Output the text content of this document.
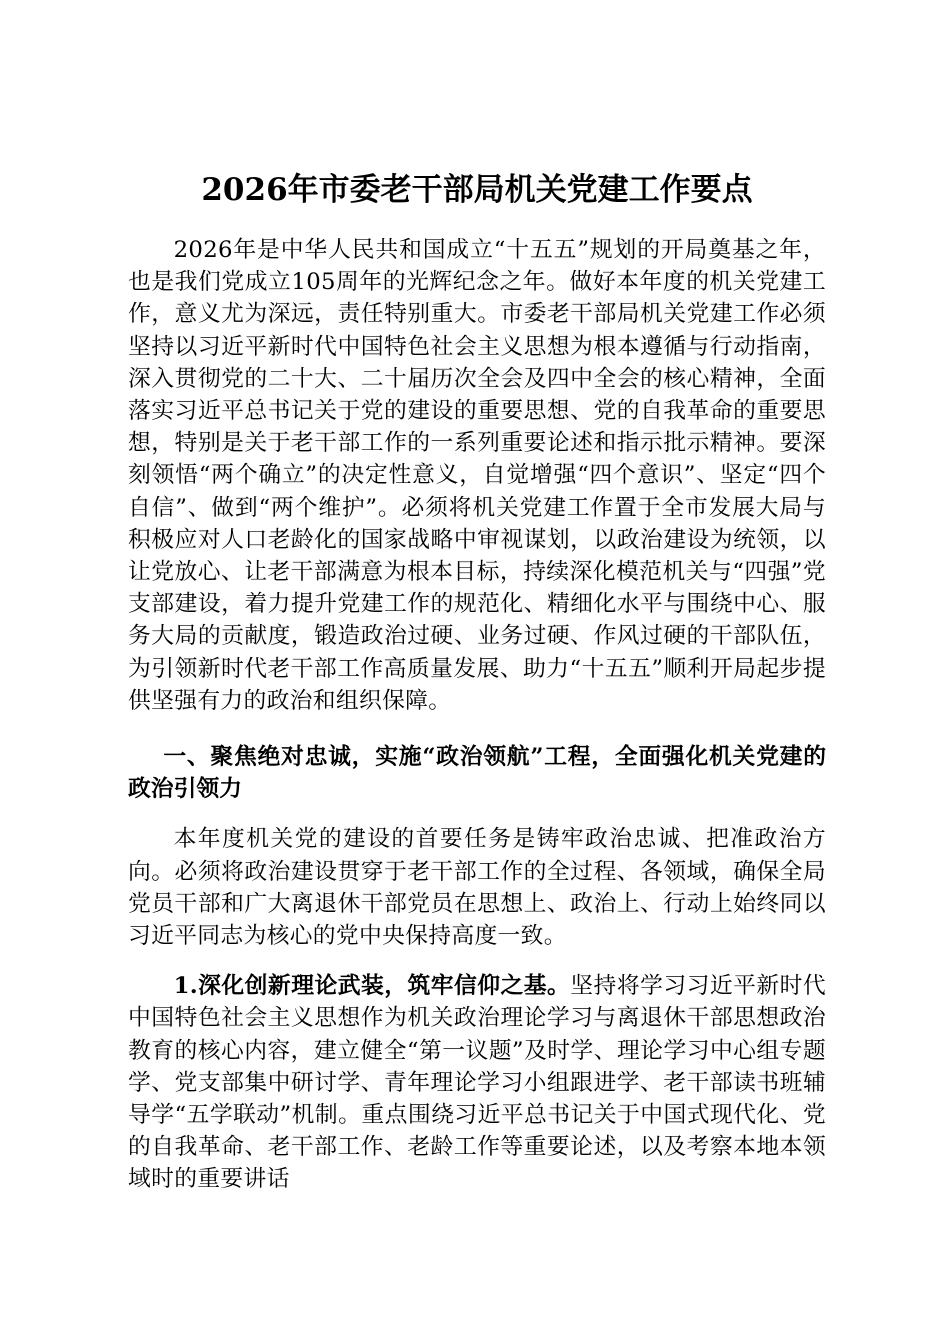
2026年市委老干部局机关党建工作要点

2026年是中华人民共和国成立“十五五”规划的开局奠基之年，也是我们党成立105周年的光辉纪念之年。做好本年度的机关党建工作，意义尤为深远，责任特别重大。市委老干部局机关党建工作必须坚持以习近平新时代中国特色社会主义思想为根本遵循与行动指南，深入贯彻党的二十大、二十届历次全会及四中全会的核心精神，全面落实习近平总书记关于党的建设的重要思想、党的自我革命的重要思想，特别是关于老干部工作的一系列重要论述和指示批示精神。要深刻领悟“两个确立”的决定性意义，自觉增强“四个意识”、坚定“四个自信”、做到“两个维护”。必须将机关党建工作置于全市发展大局与积极应对人口老龄化的国家战略中审视谋划，以政治建设为统领，以让党放心、让老干部满意为根本目标，持续深化模范机关与“四强”党支部建设，着力提升党建工作的规范化、精细化水平与围绕中心、服务大局的贡献度，锻造政治过硬、业务过硬、作风过硬的干部队伍，为引领新时代老干部工作高质量发展、助力“十五五”顺利开局起步提供坚强有力的政治和组织保障。

一、聚焦绝对忠诚，实施“政治领航”工程，全面强化机关党建的政治引领力

本年度机关党的建设的首要任务是铸牢政治忠诚、把准政治方向。必须将政治建设贯穿于老干部工作的全过程、各领域，确保全局党员干部和广大离退休干部党员在思想上、政治上、行动上始终同以习近平同志为核心的党中央保持高度一致。

1.深化创新理论武装，筑牢信仰之基。坚持将学习习近平新时代中国特色社会主义思想作为机关政治理论学习与离退休干部思想政治教育的核心内容，建立健全“第一议题”及时学、理论学习中心组专题学、党支部集中研讨学、青年理论学习小组跟进学、老干部读书班辅导学“五学联动”机制。重点围绕习近平总书记关于中国式现代化、党的自我革命、老干部工作、老龄工作等重要论述，以及考察本地本领域时的重要讲话
